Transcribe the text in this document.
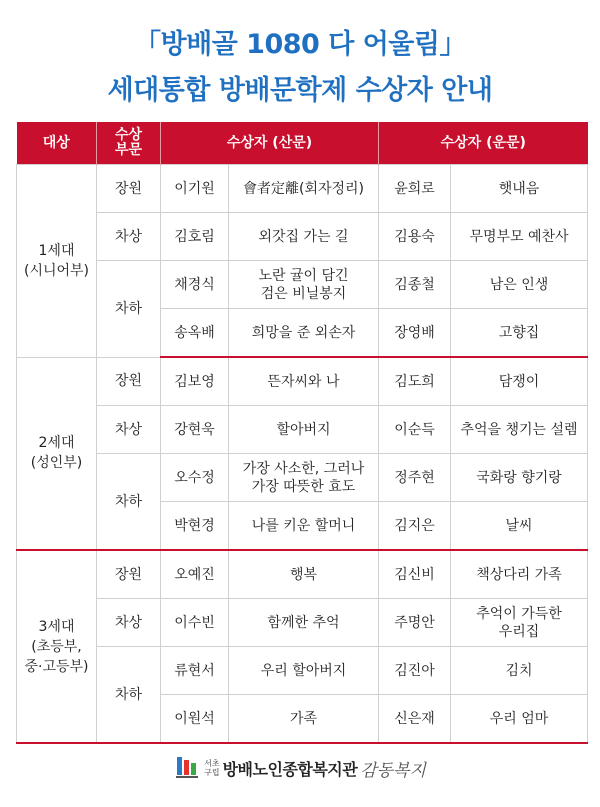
「방배골 1080 다 어울림」
세대통합 방배문학제 수상자 안내
대상	수상
부문	수상자 (산문)		수상자 (운문)	
1세대
(시니어부)	장원	이기원	會者定離(회자정리)	윤희로	햇내음
	차상	김호림	외갓집 가는 길	김용숙	무명부모 예찬사
	차하	채경식	노란 귤이 담긴
검은 비닐봉지	김종철	남은 인생
		송옥배	희망을 준 외손자	장영배	고향집
2세대
(성인부)	장원	김보영	뜬자씨와 나	김도희	담쟁이
	차상	강현욱	할아버지	이순득	추억을 챙기는 설렘
	차하	오수정	가장 사소한, 그러나
가장 따뜻한 효도	정주현	국화랑 향기랑
		박현경	나를 키운 할머니	김지은	날씨
3세대
(초등부,
중·고등부)	장원	오예진	행복	김신비	책상다리 가족
	차상	이수빈	함께한 추억	주명안	추억이 가득한
우리집
	차하	류현서	우리 할아버지	김진아	김치
		이원석	가족	신은재	우리 엄마
서초
구립 방배노인종합복지관 감동복지
